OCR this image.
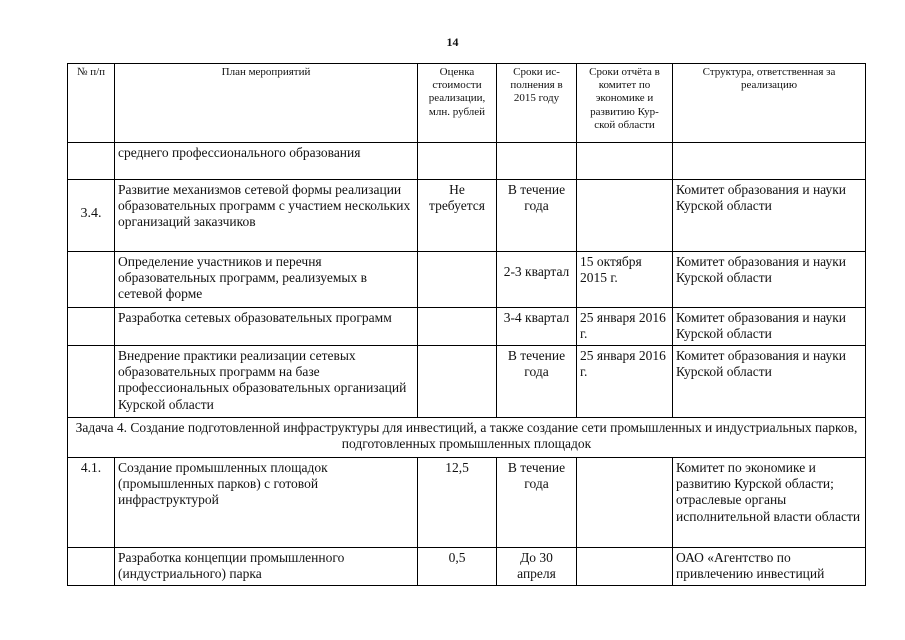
14
№ п/п	План мероприятий	Оценка стоимости реализации, млн. рублей	Сроки ис-полнения в 2015 году	Сроки отчёта в комитет по экономике и развитию Кур-ской области	Структура, ответственная за реализацию
	среднего профессионального образования				
3.4.	Развитие механизмов сетевой формы реализации образовательных программ с участием нескольких организаций заказчиков	Не требуется	В течение года		Комитет образования и науки Курской области
	Определение участников и перечня образовательных программ, реализуемых в сетевой форме		2-3 квартал	15 октября 2015 г.	Комитет образования и науки Курской области
	Разработка сетевых образовательных программ		3-4 квартал	25 января 2016 г.	Комитет образования и науки Курской области
	Внедрение практики реализации сетевых образовательных программ на базе профессиональных образовательных организаций Курской области		В течение года	25 января 2016 г.	Комитет образования и науки Курской области
Задача 4. Создание подготовленной инфраструктуры для инвестиций, а также создание сети промышленных и индустриальных парков, подготовленных промышленных площадок					
4.1.	Создание промышленных площадок (промышленных парков) с готовой инфраструктурой	12,5	В течение года		Комитет по экономике и развитию Курской области; отраслевые органы исполнительной власти области
	Разработка концепции промышленного (индустриального) парка	0,5	До 30 апреля		ОАО «Агентство по привлечению инвестиций
